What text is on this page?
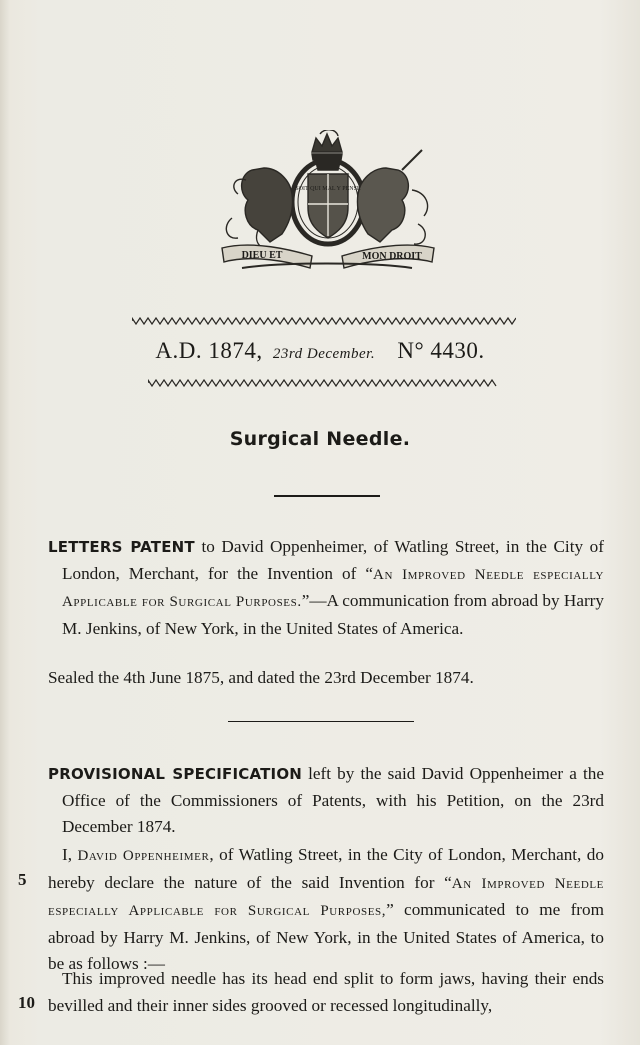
SOIT QUI MAL Y PENSE
DIEU ET	MON DROIT
A.D. 1874, 23rd December. N° 4430.
Surgical Needle.

LETTERS PATENT to David Oppenheimer, of Watling Street, in the City of London, Merchant, for the Invention of “An Improved Needle especially Applicable for Surgical Purposes.”—A communication from abroad by Harry M. Jenkins, of New York, in the United States of America.

Sealed the 4th June 1875, and dated the 23rd December 1874.

PROVISIONAL SPECIFICATION left by the said David Oppenheimer a the Office of the Commissioners of Patents, with his Petition, on the 23rd December 1874.

I, David Oppenheimer, of Watling Street, in the City of London, Merchant, do hereby declare the nature of the said Invention for “An Improved Needle especially Applicable for Surgical Purposes,” communicated to me from abroad by Harry M. Jenkins, of New York, in the United States of America, to be as follows :—

This improved needle has its head end split to form jaws, having their ends bevilled and their inner sides grooved or recessed longitudinally,

5
10
